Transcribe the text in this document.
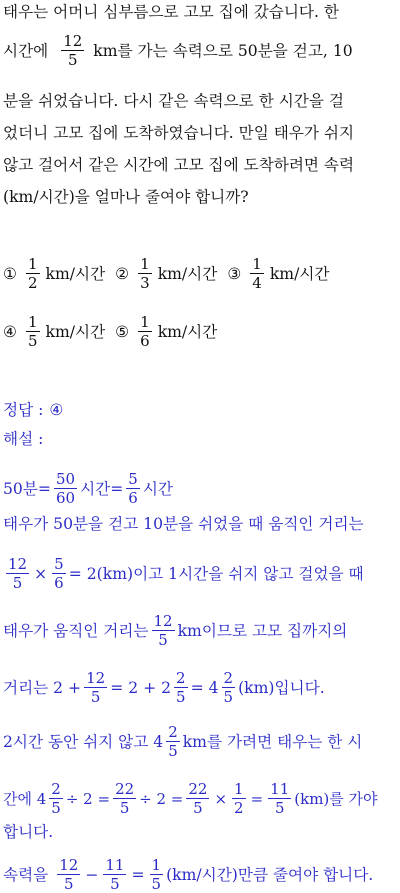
태우는 어머니 심부름으로 고모 집에 갔습니다. 한
시간에 $\frac{12}{5}$ km를 가는 속력으로 50분을 걷고, 10
분을 쉬었습니다. 다시 같은 속력으로 한 시간을 걸
었더니 고모 집에 도착하였습니다. 만일 태우가 쉬지
않고 걸어서 같은 시간에 고모 집에 도착하려면 속력
(km/시간)을 얼마나 줄여야 합니까?
① $\frac{1}{2} km/$시간 ② $\frac{1}{3} km/$시간 ③ $\frac{1}{4} km/$시간
④ $\frac{1}{5} km/$시간 ⑤ $\frac{1}{6} km/$시간
정답 : ④
해설 :
50분= $\frac{50}{60}$ 시간= $\frac{5}{6}$ 시간
태우가 50분을 걷고 10분을 쉬었을 때 움직인 거리는
$\frac{12}{5} \times \frac{5}{6} = 2(km)$이고 1시간을 쉬지 않고 걸었을 때
태우가 움직인 거리는 $\frac{12}{5}$ km이므로 고모 집까지의
거리는 $2 + \frac{12}{5} = 2 + 2 \frac{2}{5} = 4 \frac{2}{5} (km)$입니다.
2시간 동안 쉬지 않고 $4 \frac{2}{5}$ km를 가려면 태우는 한 시
간에 $4 \frac{2}{5} \div 2 = \frac{22}{5} \div 2 = \frac{22}{5} \times \frac{1}{2} = \frac{11}{5} (km)$를 가야
합니다.
속력을 $\frac{12}{5} - \frac{11}{5} = \frac{1}{5} (km/$시간)만큼 줄여야 합니다.
